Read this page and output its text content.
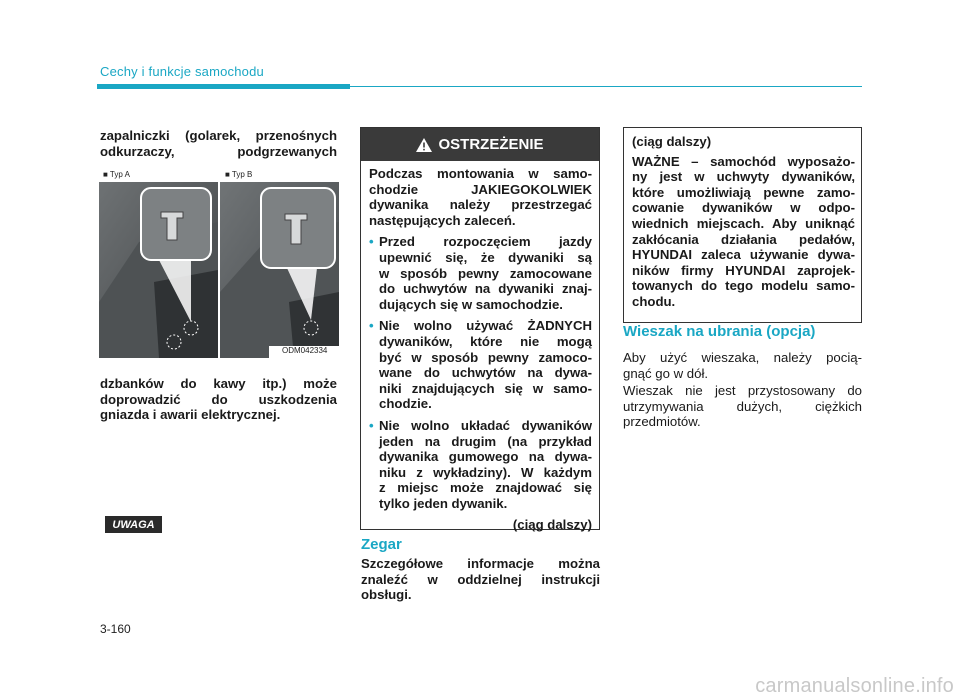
Cechy i funkcje samochodu

zapalniczki (golarek, przenośnych
odkurzaczy, podgrzewanych

■ Typ A	■ Typ B
ODM042334

dzbanków do kawy itp.) może
doprowadzić do uszkodzenia
gniazda i awarii elektrycznej.

UWAGA
OSTRZEŻENIE
Podczas montowania w samo-
chodzie JAKIEGOKOLWIEK
dywanika należy przestrzegać
następujących zaleceń.
• Przed rozpoczęciem jazdy
upewnić się, że dywaniki są
w sposób pewny zamocowane
do uchwytów na dywaniki znaj-
dujących się w samochodzie.
• Nie wolno używać ŻADNYCH
dywaników, które nie mogą
być w sposób pewny zamoco-
wane do uchwytów na dywa-
niki znajdujących się w samo-
chodzie.
• Nie wolno układać dywaników
jeden na drugim (na przykład
dywanika gumowego na dywa-
niku z wykładziny). W każdym
z miejsc może znajdować się
tylko jeden dywanik.
(ciąg dalszy)
Zegar

Szczegółowe informacje można
znaleźć w oddzielnej instrukcji
obsługi.

(ciąg dalszy)
WAŻNE – samochód wyposażo-
ny jest w uchwyty dywaników,
które umożliwiają pewne zamo-
cowanie dywaników w odpo-
wiednich miejscach. Aby uniknąć
zakłócania działania pedałów,
HYUNDAI zaleca używanie dywa-
ników firmy HYUNDAI zaprojek-
towanych do tego modelu samo-
chodu.
Wieszak na ubrania (opcja)

Aby użyć wieszaka, należy pocią-
gnąć go w dół.

Wieszak nie jest przystosowany do
utrzymywania dużych, ciężkich
przedmiotów.

3-160
carmanualsonline.info
